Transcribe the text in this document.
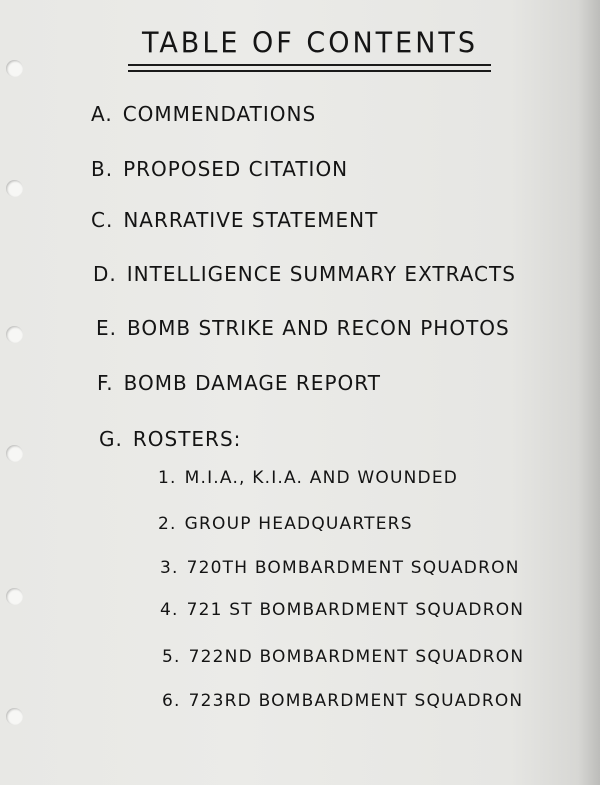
TABLE OF CONTENTS
A. COMMENDATIONS
B. PROPOSED CITATION
C. NARRATIVE STATEMENT
D. INTELLIGENCE SUMMARY EXTRACTS
E. BOMB STRIKE AND RECON PHOTOS
F. BOMB DAMAGE REPORT
G. ROSTERS:
1. M.I.A., K.I.A. AND WOUNDED
2. GROUP HEADQUARTERS
3. 720TH BOMBARDMENT SQUADRON
4. 721 ST BOMBARDMENT SQUADRON
5. 722ND BOMBARDMENT SQUADRON
6. 723RD BOMBARDMENT SQUADRON
